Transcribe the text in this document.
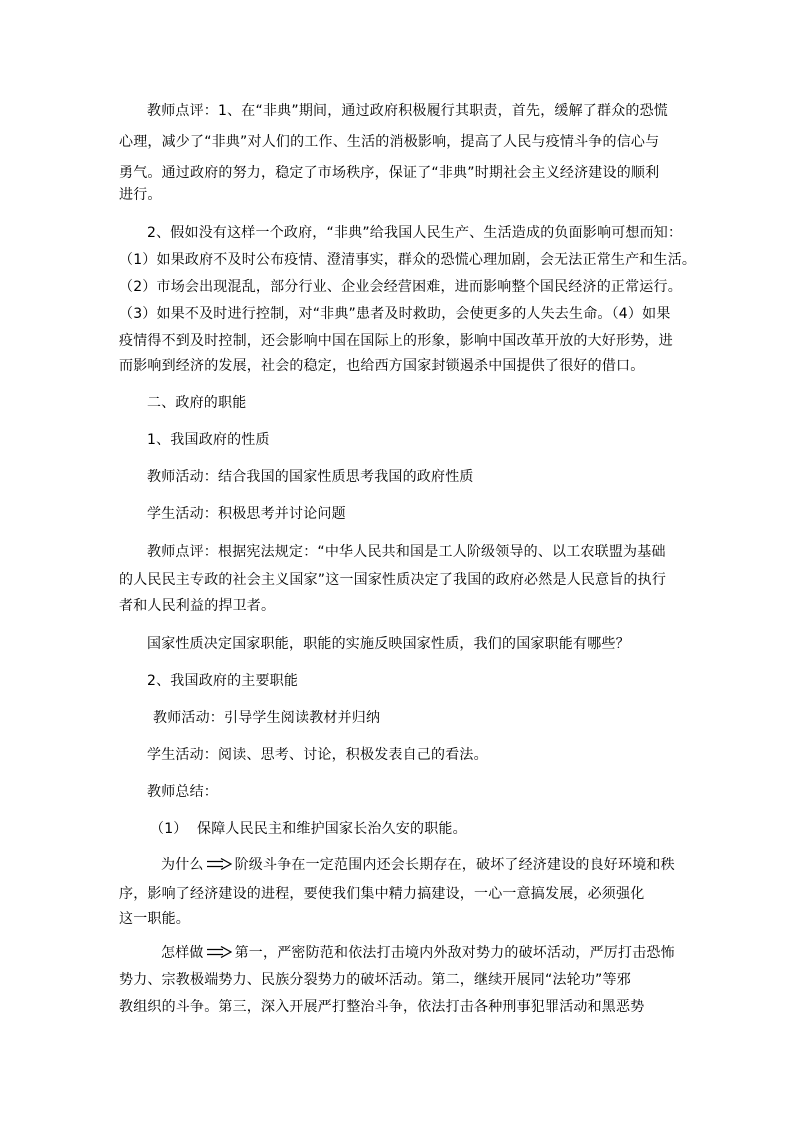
教师点评：1、在“非典”期间，通过政府积极履行其职责，首先，缓解了群众的恐慌
心理，减少了“非典”对人们的工作、生活的消极影响，提高了人民与疫情斗争的信心与
勇气。通过政府的努力，稳定了市场秩序，保证了“非典”时期社会主义经济建设的顺利
进行。
2、假如没有这样一个政府，“非典”给我国人民生产、生活造成的负面影响可想而知：
（1）如果政府不及时公布疫情、澄清事实，群众的恐慌心理加剧，会无法正常生产和生活。
（2）市场会出现混乱，部分行业、企业会经营困难，进而影响整个国民经济的正常运行。
（3）如果不及时进行控制，对“非典”患者及时救助，会使更多的人失去生命。（4）如果
疫情得不到及时控制，还会影响中国在国际上的形象，影响中国改革开放的大好形势，进
而影响到经济的发展，社会的稳定，也给西方国家封锁遏杀中国提供了很好的借口。
二、政府的职能
1、我国政府的性质
教师活动：结合我国的国家性质思考我国的政府性质
学生活动：积极思考并讨论问题
教师点评：根据宪法规定：“中华人民共和国是工人阶级领导的、以工农联盟为基础
的人民民主专政的社会主义国家”这一国家性质决定了我国的政府必然是人民意旨的执行
者和人民利益的捍卫者。
国家性质决定国家职能，职能的实施反映国家性质，我们的国家职能有哪些？
2、我国政府的主要职能
教师活动：引导学生阅读教材并归纳
学生活动：阅读、思考、讨论，积极发表自己的看法。
教师总结：
（1） 保障人民民主和维护国家长治久安的职能。
为什么 阶级斗争在一定范围内还会长期存在，破坏了经济建设的良好环境和秩
序，影响了经济建设的进程，要使我们集中精力搞建设，一心一意搞发展，必须强化
这一职能。
怎样做 第一，严密防范和依法打击境内外敌对势力的破坏活动，严厉打击恐怖
势力、宗教极端势力、民族分裂势力的破坏活动。第二，继续开展同“法轮功”等邪
教组织的斗争。第三，深入开展严打整治斗争，依法打击各种刑事犯罪活动和黑恶势
